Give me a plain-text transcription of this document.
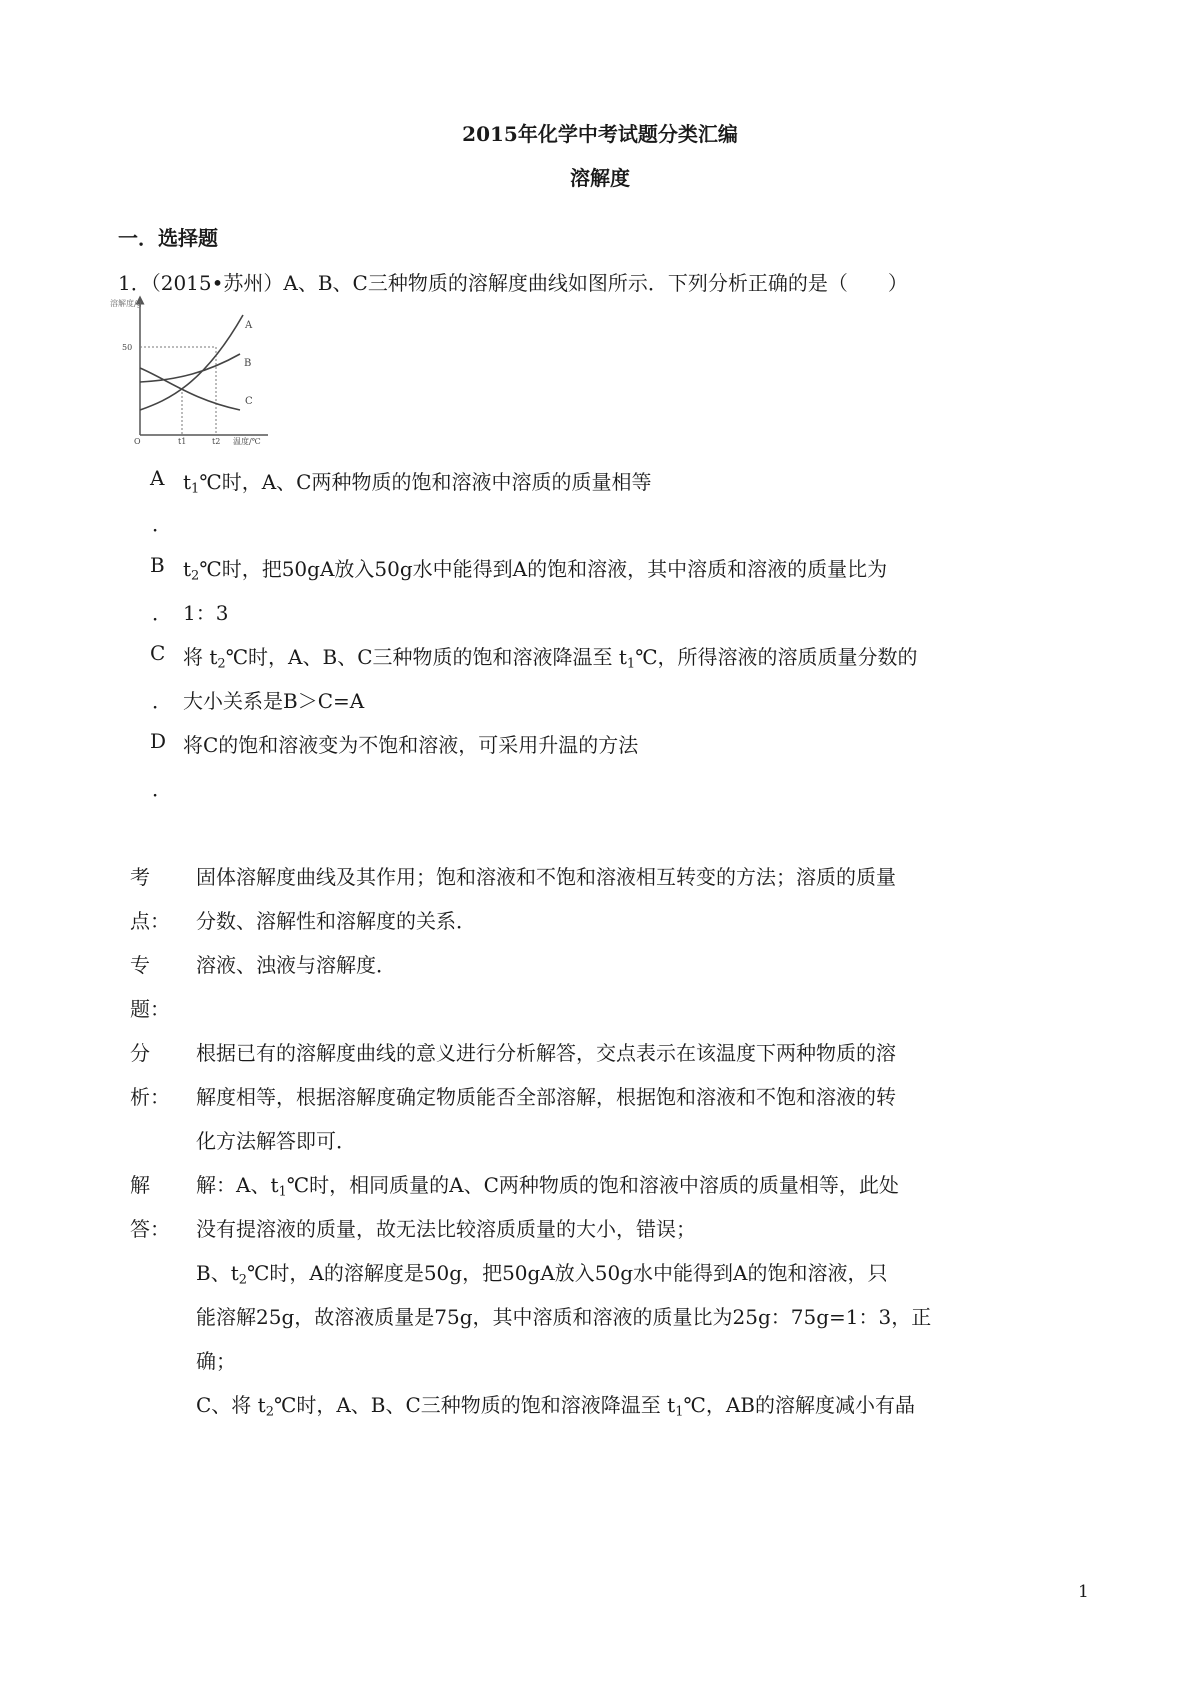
2015年化学中考试题分类汇编
溶解度
一．选择题
1．（2015•苏州）A、B、C三种物质的溶解度曲线如图所示．下列分析正确的是（　　）
A
B
C
50
溶解度/g
O	t1	t2 温度/℃
A $t_1℃$时，A、C两种物质的饱和溶液中溶质的质量相等
．
B $t_2℃$时，把50gA放入50g水中能得到A的饱和溶液，其中溶质和溶液的质量比为
． 1：3
C 将 $t_2℃$时，A、B、C三种物质的饱和溶液降温至 $t_1℃$，所得溶液的溶质质量分数的
． 大小关系是B＞C=A
D 将C的饱和溶液变为不饱和溶液，可采用升温的方法
．
考
点：
固体溶解度曲线及其作用；饱和溶液和不饱和溶液相互转变的方法；溶质的质量
分数、溶解性和溶解度的关系．
专
题：
溶液、浊液与溶解度．
分
析：
根据已有的溶解度曲线的意义进行分析解答，交点表示在该温度下两种物质的溶
解度相等，根据溶解度确定物质能否全部溶解，根据饱和溶液和不饱和溶液的转
化方法解答即可．
解
答：
解：A、$t_1℃$时，相同质量的A、C两种物质的饱和溶液中溶质的质量相等，此处
没有提溶液的质量，故无法比较溶质质量的大小，错误；
B、$t_2℃$时，A的溶解度是50g，把50gA放入50g水中能得到A的饱和溶液，只
能溶解25g，故溶液质量是75g，其中溶质和溶液的质量比为25g：75g=1：3，正
确；
C、将 $t_2℃$时，A、B、C三种物质的饱和溶液降温至 $t_1℃$，AB的溶解度减小有晶
1
